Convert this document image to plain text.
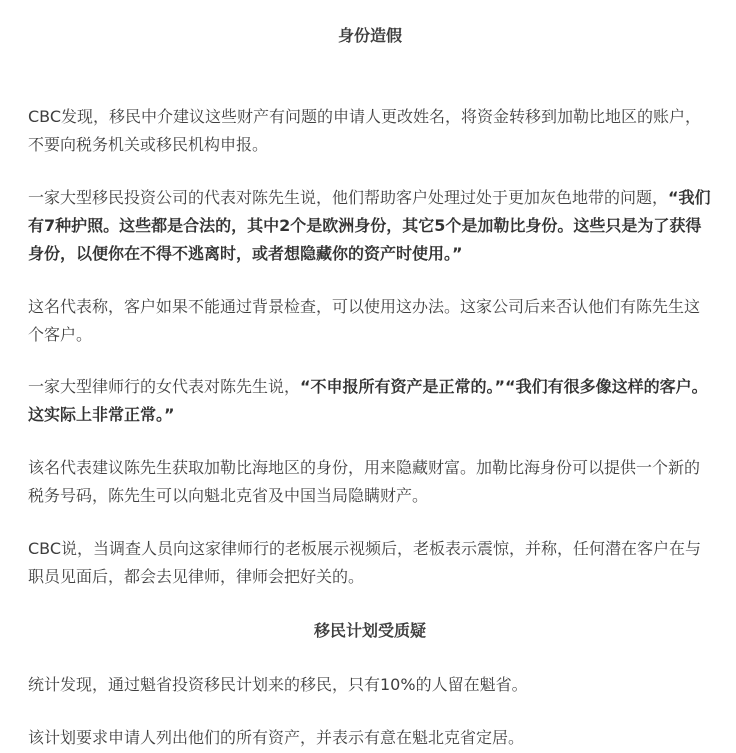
身份造假

CBC发现，移民中介建议这些财产有问题的申请人更改姓名，将资金转移到加勒比地区的账户，不要向税务机关或移民机构申报。

一家大型移民投资公司的代表对陈先生说，他们帮助客户处理过处于更加灰色地带的问题，“我们有7种护照。这些都是合法的，其中2个是欧洲身份，其它5个是加勒比身份。这些只是为了获得身份，以便你在不得不逃离时，或者想隐藏你的资产时使用。”

这名代表称，客户如果不能通过背景检查，可以使用这办法。这家公司后来否认他们有陈先生这个客户。

一家大型律师行的女代表对陈先生说，“不申报所有资产是正常的。”“我们有很多像这样的客户。这实际上非常正常。”

该名代表建议陈先生获取加勒比海地区的身份，用来隐藏财富。加勒比海身份可以提供一个新的税务号码，陈先生可以向魁北克省及中国当局隐瞒财产。

CBC说，当调查人员向这家律师行的老板展示视频后，老板表示震惊，并称，任何潜在客户在与职员见面后，都会去见律师，律师会把好关的。

移民计划受质疑

统计发现，通过魁省投资移民计划来的移民，只有10%的人留在魁省。

该计划要求申请人列出他们的所有资产，并表示有意在魁北克省定居。
